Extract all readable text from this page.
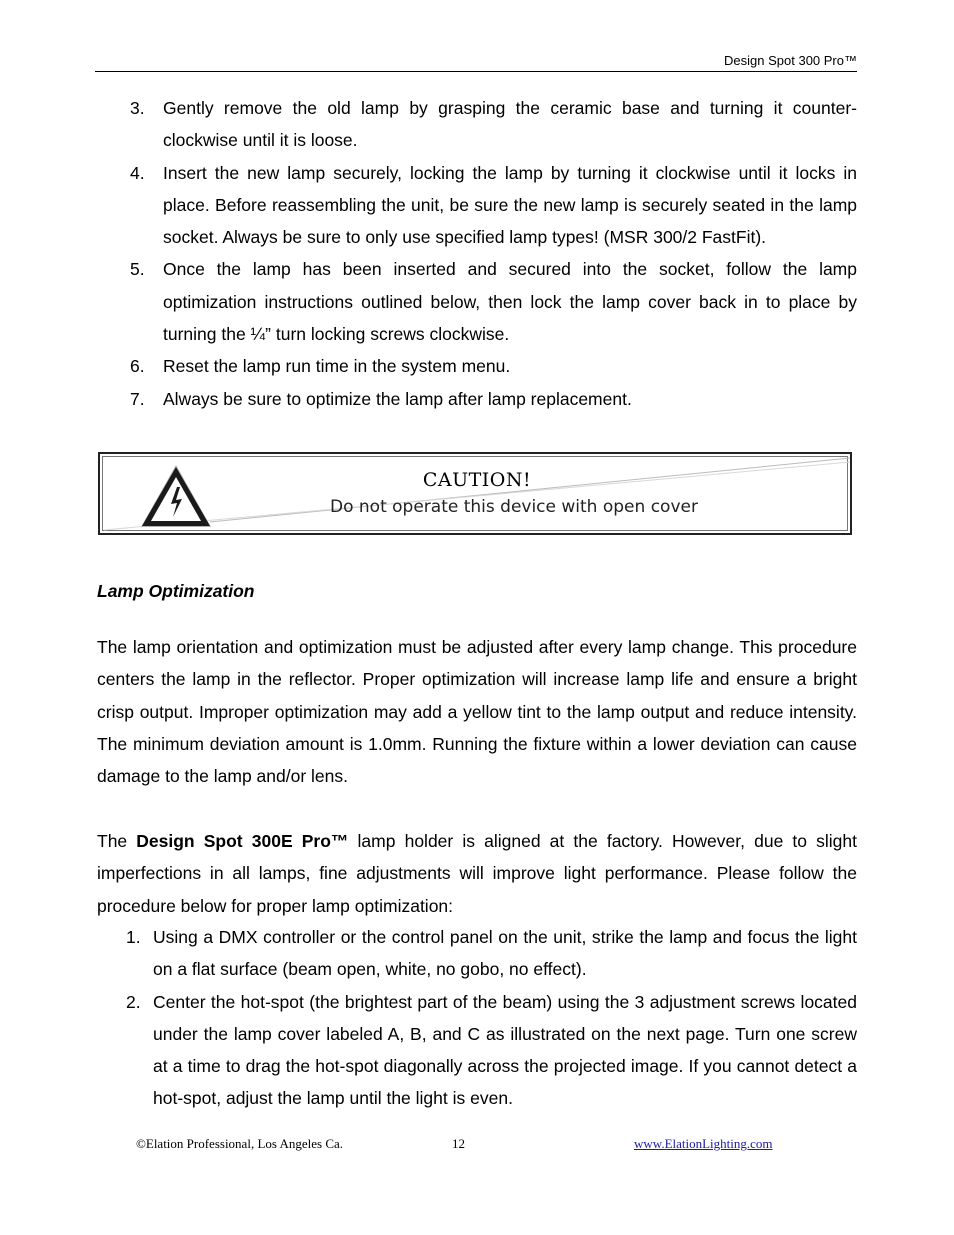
Design Spot 300 Pro™
3. Gently remove the old lamp by grasping the ceramic base and turning it counter-clockwise until it is loose.
4. Insert the new lamp securely, locking the lamp by turning it clockwise until it locks in place. Before reassembling the unit, be sure the new lamp is securely seated in the lamp socket. Always be sure to only use specified lamp types! (MSR 300/2 FastFit).
5. Once the lamp has been inserted and secured into the socket, follow the lamp optimization instructions outlined below, then lock the lamp cover back in to place by turning the ¼” turn locking screws clockwise.
6. Reset the lamp run time in the system menu.
7. Always be sure to optimize the lamp after lamp replacement.
CAUTION!
Do not operate this device with open cover
Lamp Optimization

The lamp orientation and optimization must be adjusted after every lamp change. This procedure centers the lamp in the reflector. Proper optimization will increase lamp life and ensure a bright crisp output. Improper optimization may add a yellow tint to the lamp output and reduce intensity. The minimum deviation amount is 1.0mm. Running the fixture within a lower deviation can cause damage to the lamp and/or lens.

The Design Spot 300E Pro™ lamp holder is aligned at the factory. However, due to slight imperfections in all lamps, fine adjustments will improve light performance. Please follow the procedure below for proper lamp optimization:

1. Using a DMX controller or the control panel on the unit, strike the lamp and focus the light on a flat surface (beam open, white, no gobo, no effect).
2. Center the hot-spot (the brightest part of the beam) using the 3 adjustment screws located under the lamp cover labeled A, B, and C as illustrated on the next page. Turn one screw at a time to drag the hot-spot diagonally across the projected image. If you cannot detect a hot-spot, adjust the lamp until the light is even.
©Elation Professional, Los Angeles Ca.	12	www.ElationLighting.com
